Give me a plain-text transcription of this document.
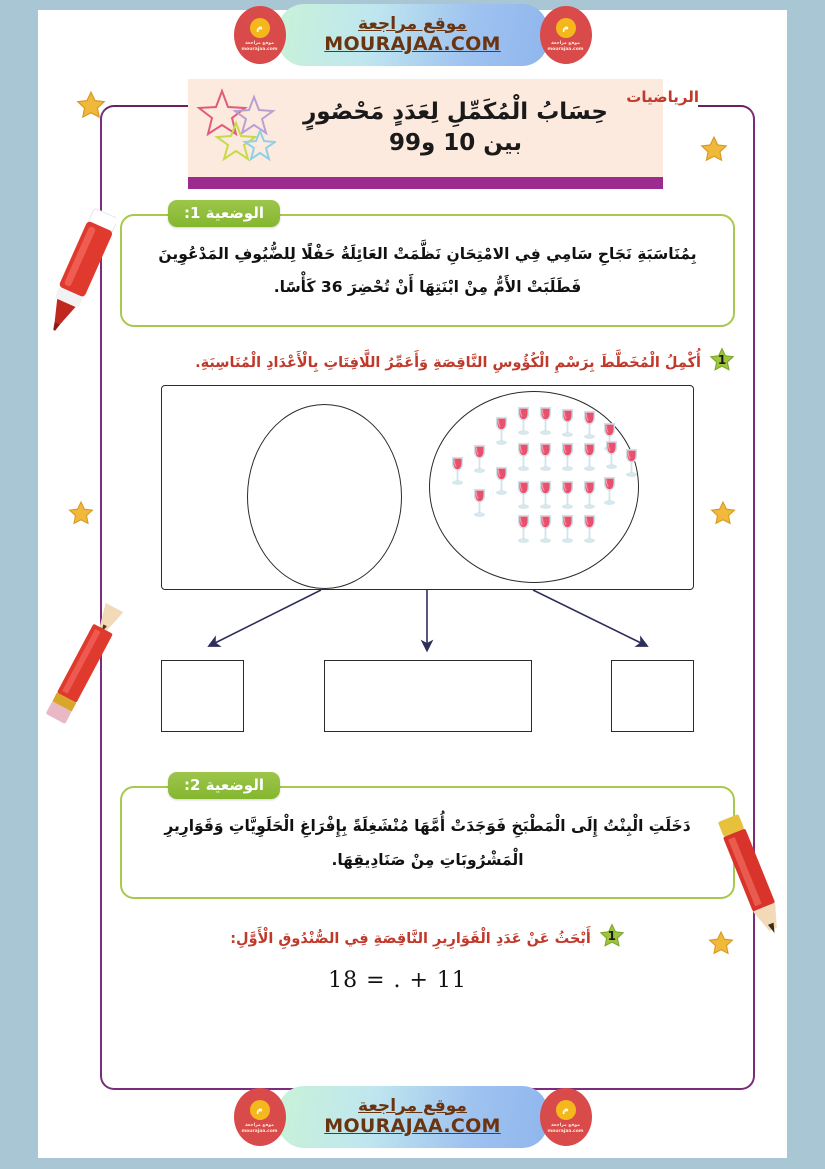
الرياضيات
حِسَابُ الْمُكَمِّلِ لِعَدَدٍ مَحْصُورٍ
بين 10 و99
الوضعية 1:
بِمُنَاسَبَةِ نَجَاحِ سَامِي فِي الامْتِحَانِ نَظَّمَتْ العَائِلَةُ حَفْلًا لِلضُّيُوفِ المَدْعُوِينَ فَطَلَبَتْ الأَمُّ مِنْ ابْنَتِهَا أَنْ تُحْضِرَ 36 كَأْسًا.
1
أُكْمِلُ الْمُخَطَّطَ بِرَسْمِ الْكُؤُوسِ النَّاقِصَةِ وَأَعَمِّرُ اللَّافِتَاتِ بِالْأَعْدَادِ الْمُنَاسِبَةِ.
الوضعية 2:
دَخَلَتِ الْبِنْتُ إِلَى الْمَطْبَخِ فَوَجَدَتْ أُمَّهَا مُنْشَغِلَةً بِإِفْرَاغِ الْحَلَوِيَّاتِ وَقَوَارِيرِ الْمَشْرُوبَاتِ مِنْ صَنَادِيقِهَا.
1
أَبْحَثُ عَنْ عَدَدِ الْقَوَارِيرِ النَّاقِصَةِ فِي الصُّنْدُوقِ الْأَوَّلِ:
18 = . + 11
م
موقع مراجعة mourajaa.com
موقع مراجعة
MOURAJAA.COM
م
موقع مراجعة mourajaa.com
م
موقع مراجعة mourajaa.com
موقع مراجعة
MOURAJAA.COM
م
موقع مراجعة mourajaa.com
